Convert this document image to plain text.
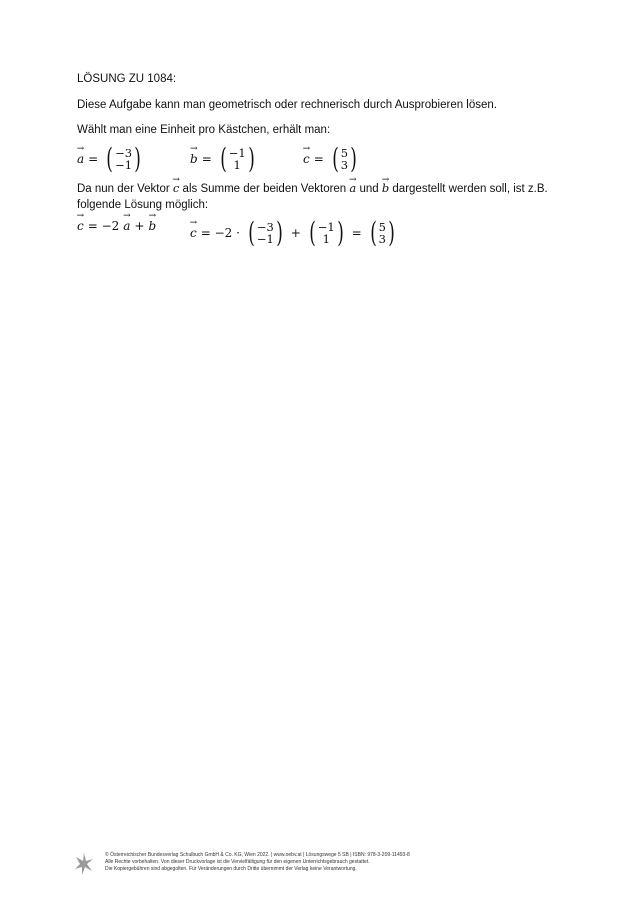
LÖSUNG ZU 1084:
Diese Aufgabe kann man geometrisch oder rechnerisch durch Ausprobieren lösen.
Wählt man eine Einheit pro Kästchen, erhält man:
→ a = ( −3
−1 )	→ b = ( −1
1 )	→ c = ( 5
3 )
Da nun der Vektor → c als Summe der beiden Vektoren → a und → b dargestellt werden soll, ist z.B. folgende Lösung möglich:
→ c = −2 → a + → b	→ c = −2 · ( −3
−1 ) + ( −1
1 ) = ( 5
3 )
© Österreichischer Bundesverlag Schulbuch GmbH & Co. KG, Wien 2022. | www.oebv.at | Lösungswege 5 SB | ISBN: 978-3-209-11493-8
Alle Rechte vorbehalten. Von dieser Druckvorlage ist die Vervielfältigung für den eigenen Unterrichtsgebrauch gestattet.
Die Kopiergebühren sind abgegolten. Für Veränderungen durch Dritte übernimmt der Verlag keine Verantwortung.
